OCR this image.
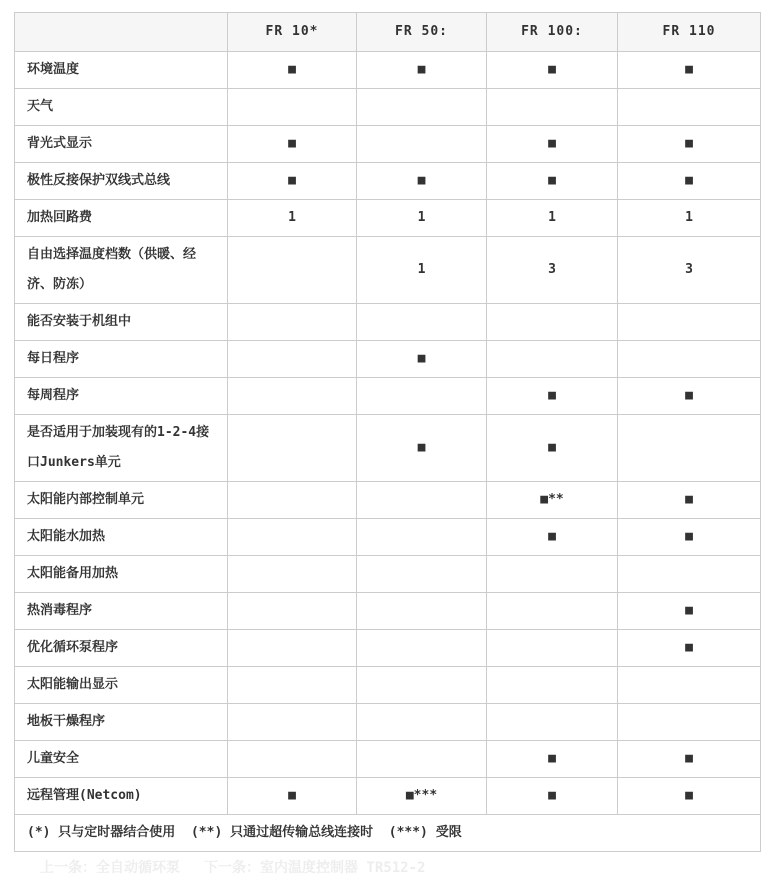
	FR 10*	FR 50:	FR 100:	FR 110
环境温度	■	■	■	■
天气				
背光式显示	■		■	■
极性反接保护双线式总线	■	■	■	■
加热回路费	1	1	1	1
自由选择温度档数（供暖、经济、防冻）		1	3	3
能否安装于机组中				
每日程序		■		
每周程序			■	■
是否适用于加装现有的1-2-4接口Junkers单元		■	■	
太阳能内部控制单元			■**	■
太阳能水加热			■	■
太阳能备用加热				
热消毒程序				■
优化循环泵程序				■
太阳能输出显示				
地板干燥程序				
儿童安全			■	■
远程管理(Netcom)	■	■***	■	■
(*) 只与定时器结合使用  (**) 只通过超传输总线连接时  (***) 受限				
上一条：全自动循环泵 下一条：室内温度控制器 TR512-2
